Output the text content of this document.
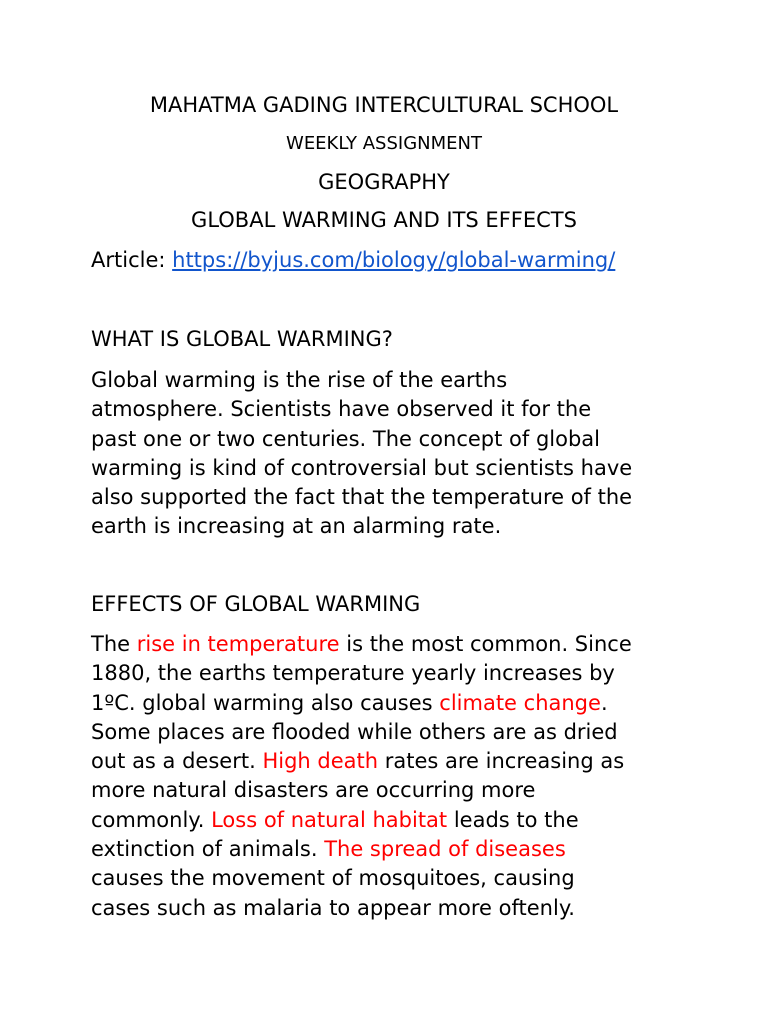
MAHATMA GADING INTERCULTURAL SCHOOL
WEEKLY ASSIGNMENT
GEOGRAPHY
GLOBAL WARMING AND ITS EFFECTS
Article: https://byjus.com/biology/global-warming/
WHAT IS GLOBAL WARMING?
Global warming is the rise of the earths
atmosphere. Scientists have observed it for the
past one or two centuries. The concept of global
warming is kind of controversial but scientists have
also supported the fact that the temperature of the
earth is increasing at an alarming rate.
EFFECTS OF GLOBAL WARMING
The rise in temperature is the most common. Since
1880, the earths temperature yearly increases by
1ºC. global warming also causes climate change.
Some places are flooded while others are as dried
out as a desert. High death rates are increasing as
more natural disasters are occurring more
commonly. Loss of natural habitat leads to the
extinction of animals. The spread of diseases
causes the movement of mosquitoes, causing
cases such as malaria to appear more oftenly.
